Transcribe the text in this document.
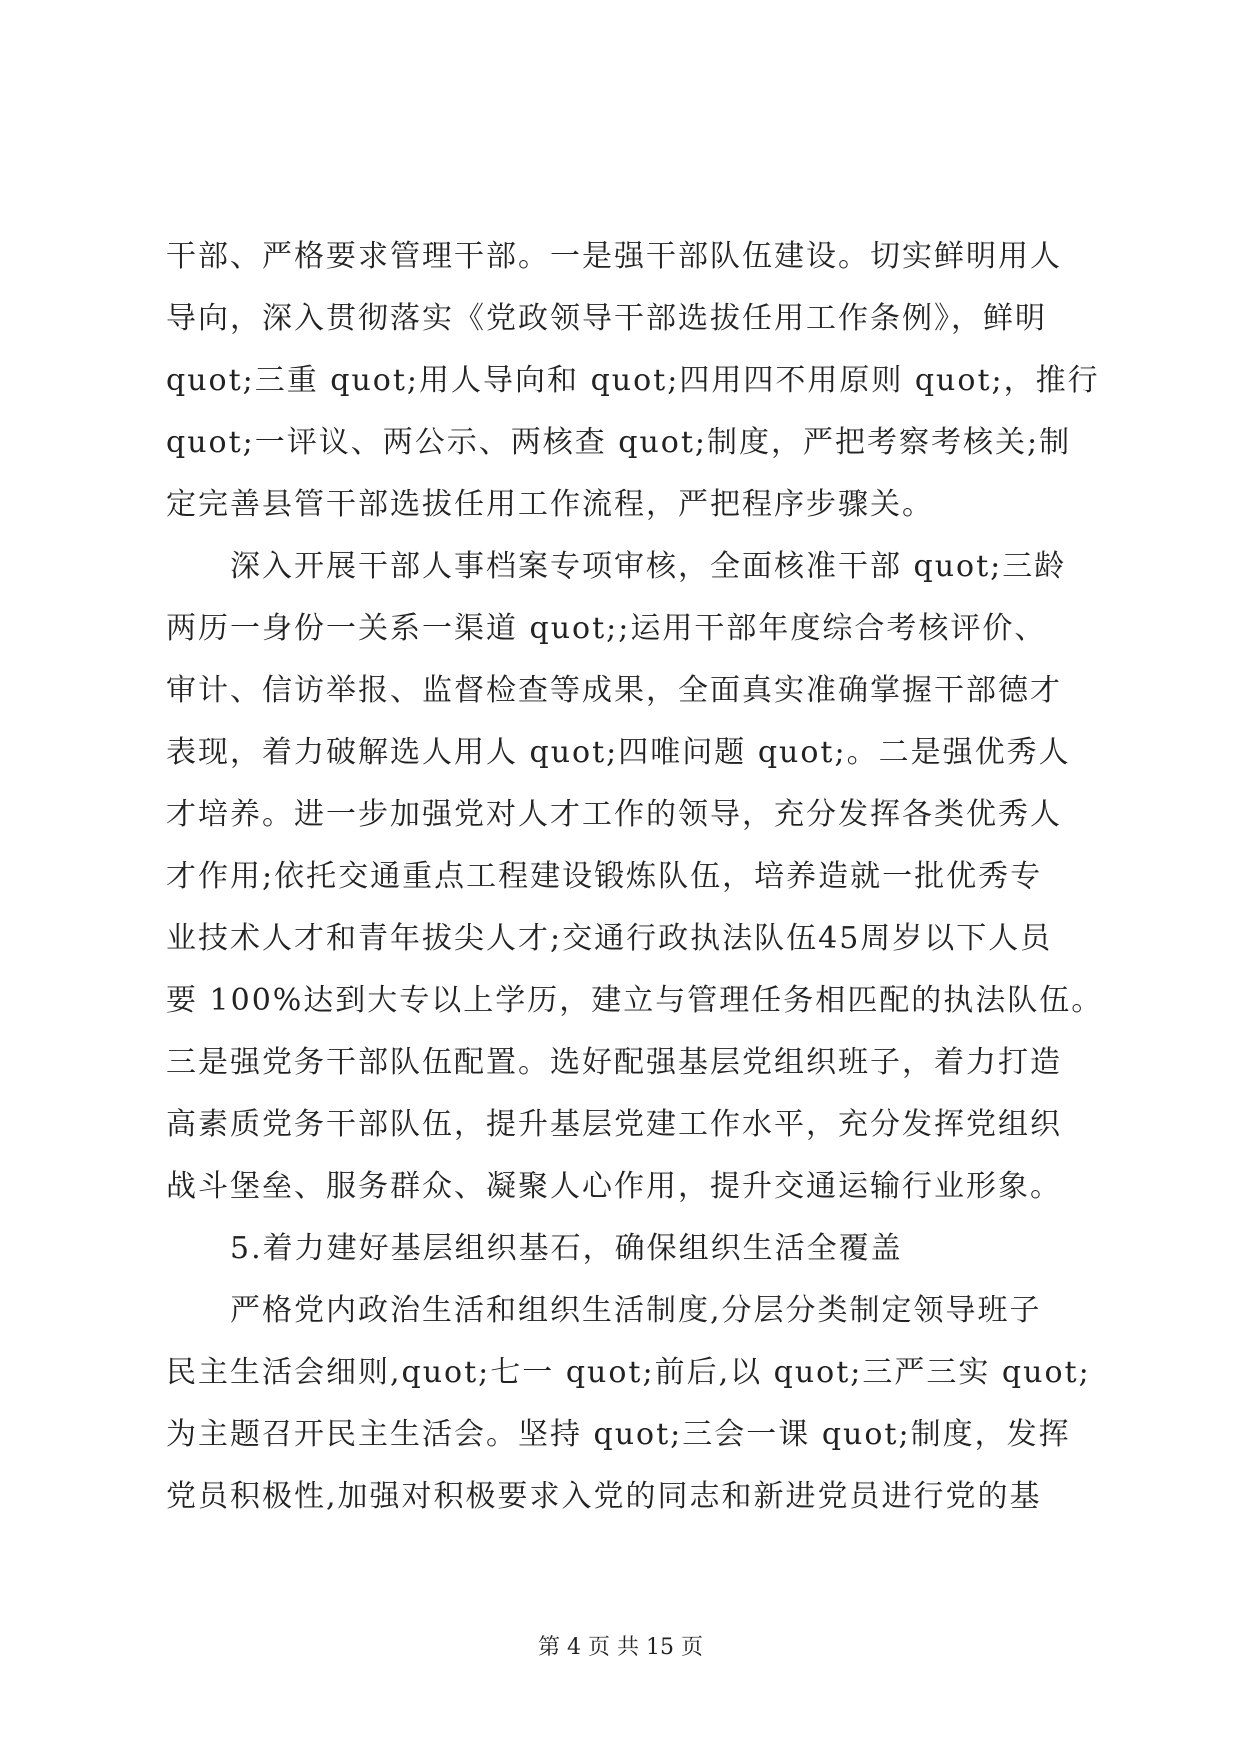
干部、严格要求管理干部。一是强干部队伍建设。切实鲜明用人
导向，深入贯彻落实《党政领导干部选拔任用工作条例》，鲜明
quot;三重 quot;用人导向和 quot;四用四不用原则 quot;，推行
quot;一评议、两公示、两核查 quot;制度，严把考察考核关;制
定完善县管干部选拔任用工作流程，严把程序步骤关。
　　深入开展干部人事档案专项审核，全面核准干部 quot;三龄
两历一身份一关系一渠道 quot;;运用干部年度综合考核评价、
审计、信访举报、监督检查等成果，全面真实准确掌握干部德才
表现，着力破解选人用人 quot;四唯问题 quot;。二是强优秀人
才培养。进一步加强党对人才工作的领导，充分发挥各类优秀人
才作用;依托交通重点工程建设锻炼队伍，培养造就一批优秀专
业技术人才和青年拔尖人才;交通行政执法队伍45周岁以下人员
要 100%达到大专以上学历，建立与管理任务相匹配的执法队伍。
三是强党务干部队伍配置。选好配强基层党组织班子，着力打造
高素质党务干部队伍，提升基层党建工作水平，充分发挥党组织
战斗堡垒、服务群众、凝聚人心作用，提升交通运输行业形象。
　　5.着力建好基层组织基石，确保组织生活全覆盖
　　严格党内政治生活和组织生活制度,分层分类制定领导班子
民主生活会细则,quot;七一 quot;前后,以 quot;三严三实 quot;
为主题召开民主生活会。坚持 quot;三会一课 quot;制度，发挥
党员积极性,加强对积极要求入党的同志和新进党员进行党的基
第 4 页 共 15 页
